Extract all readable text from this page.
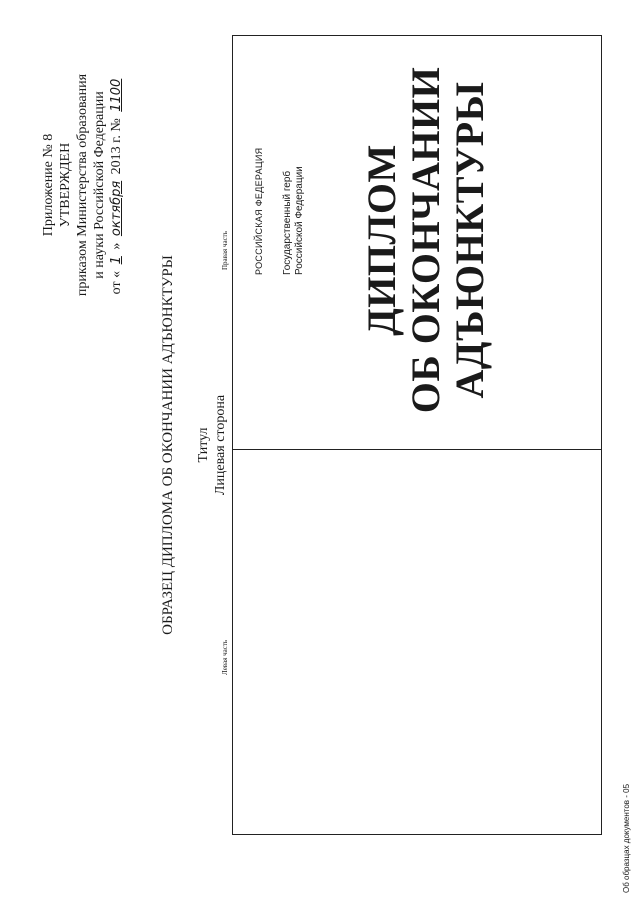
Приложение № 8 УТВЕРЖДЕН приказом Министерства образования и науки Российской Федерации
от « 1 » октября 2013 г. № 1100
ОБРАЗЕЦ ДИПЛОМА ОБ ОКОНЧАНИИ АДЪЮНКТУРЫ Титул Лицевая сторона
Левая часть
Правая часть	РОССИЙСКАЯ ФЕДЕРАЦИЯ Государственный герб Российской Федерации ДИПЛОМ ОБ ОКОНЧАНИИ АДЪЮНКТУРЫ
Об образцах документов - 05
